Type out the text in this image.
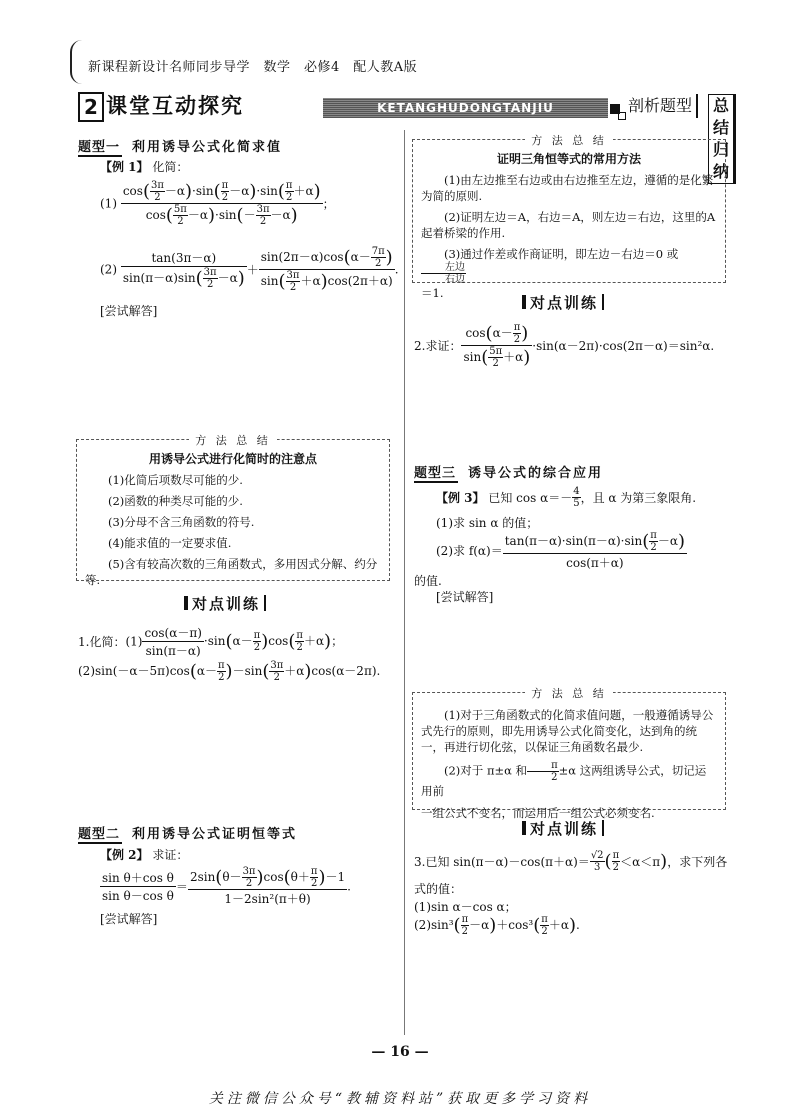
新课程新设计名师同步导学　数学　必修4　配人教A版
2 课堂互动探究	KETANGHUDONGTANJIU	剖析题型	总结归纳
题型一 利用诱导公式化简求值
【例 1】 化简：
$(1) \frac{\cos( \frac{3\pi}{2} -\alpha)\cdot\sin( \frac{\pi}{2} -\alpha)\cdot\sin( \frac{\pi}{2} +\alpha)}{\cos( \frac{5\pi}{2} -\alpha)\cdot\sin(- \frac{3\pi}{2} -\alpha)}$ ；
$(2) \frac{\tan(3\pi-\alpha)}{\sin(\pi-\alpha)\sin( \frac{3\pi}{2} -\alpha)} + \frac{\sin(2\pi-\alpha)\cos(\alpha- \frac{7\pi}{2} )}{\sin( \frac{3\pi}{2} +\alpha)\cos(2\pi+\alpha)}$ .
[尝试解答]
方 法 总 结
用诱导公式进行化简时的注意点

(1)化简后项数尽可能的少.

(2)函数的种类尽可能的少.

(3)分母不含三角函数的符号.

(4)能求值的一定要求值.

(5)含有较高次数的三角函数式，多用因式分解、约分等.

对点训练
1.化简：$(1) \frac{\cos(\alpha-\pi)}{\sin(\pi-\alpha)} \cdot\sin(\alpha- \frac{\pi}{2} )\cos( \frac{\pi}{2} +\alpha)$；
$(2)\sin(-\alpha-5\pi)\cos(\alpha- \frac{\pi}{2} )-\sin( \frac{3\pi}{2} +\alpha)\cos(\alpha-2\pi)$.
题型二 利用诱导公式证明恒等式
【例 2】 求证：
$\frac{\text{sin θ＋cos θ}}{\text{sin θ－cos θ}} = \frac{2\sin(\theta- \frac{3\pi}{2} )\cos(\theta+ \frac{\pi}{2} )-1}{\text{1－2sin²(π＋θ)}}$ .
[尝试解答]
方 法 总 结
证明三角恒等式的常用方法

(1)由左边推至右边或由右边推至左边，遵循的是化繁为简的原则.

(2)证明左边＝A，右边＝A，则左边＝右边，这里的A起着桥梁的作用.

(3)通过作差或作商证明，即左边－右边＝0 或
左边
右边

＝1.

对点训练
2.求证： $\frac{\cos(\alpha- \frac{\pi}{2} )}{\sin( \frac{5\pi}{2} +\alpha)} \cdot\sin(\alpha-2\pi)\cdot\cos(2\pi-\alpha)=\sin^2\alpha$.
题型三 诱导公式的综合应用
【例 3】 已知 $\cos \alpha=- \frac{4}{5}$ ，且 α 为第三象限角.
(1)求 sin α 的值；
(2)求 $f(\alpha)= \frac{\tan(\pi-\alpha)\cdot\sin(\pi-\alpha)\cdot\sin( \frac{\pi}{2} -\alpha)}{\cos(\pi+\alpha)}$
的值.
[尝试解答]
方 法 总 结

(1)对于三角函数式的化简求值问题，一般遵循诱导公式先行的原则，即先用诱导公式化简变化，达到角的统一，再进行切化弦，以保证三角函数名最少.

(2)对于 π±α 和 $\frac{\pi}{2} \pm\alpha$ 这两组诱导公式，切记运用前

一组公式不变名，而运用后一组公式必须变名.
对点训练
3.已知 $\sin(\pi-\alpha)-\cos(\pi+\alpha)= \frac{√2}{3}$ ( $\frac{\pi}{2} <\alpha<\pi$)，求下列各
式的值：
(1)sin α－cos α；
$(2)\sin^3( \frac{\pi}{2} -\alpha)+\cos^3( \frac{\pi}{2} +\alpha)$.
— 16 —
关注微信公众号“教辅资料站”获取更多学习资料
